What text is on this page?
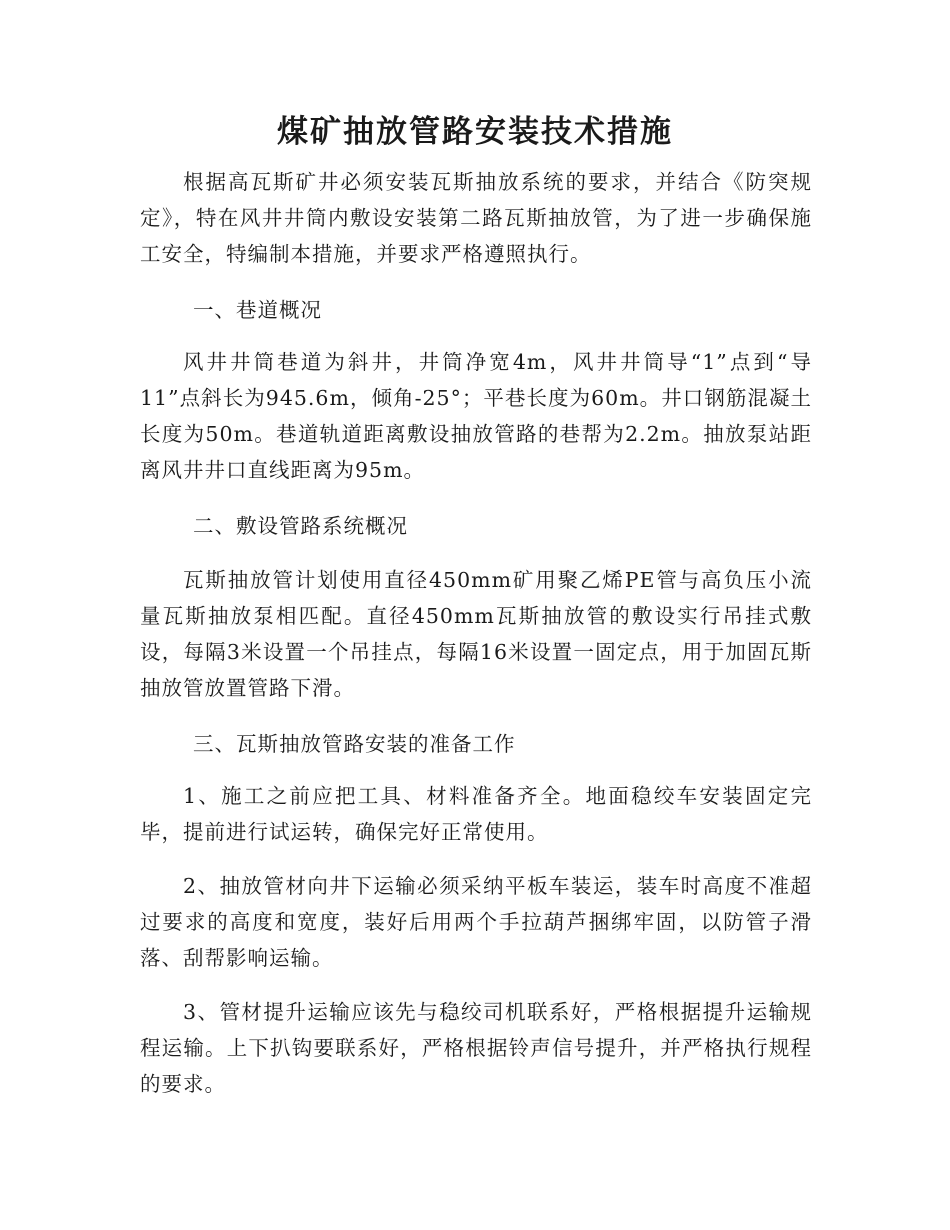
煤矿抽放管路安装技术措施

根据高瓦斯矿井必须安装瓦斯抽放系统的要求，并结合《防突规定》，特在风井井筒内敷设安装第二路瓦斯抽放管，为了进一步确保施工安全，特编制本措施，并要求严格遵照执行。

一、巷道概况

风井井筒巷道为斜井，井筒净宽4m，风井井筒导“1”点到“导11”点斜长为945.6m，倾角-25°；平巷长度为60m。井口钢筋混凝土长度为50m。巷道轨道距离敷设抽放管路的巷帮为2.2m。抽放泵站距离风井井口直线距离为95m。

二、敷设管路系统概况

瓦斯抽放管计划使用直径450mm矿用聚乙烯PE管与高负压小流量瓦斯抽放泵相匹配。直径450mm瓦斯抽放管的敷设实行吊挂式敷设，每隔3米设置一个吊挂点，每隔16米设置一固定点，用于加固瓦斯抽放管放置管路下滑。

三、瓦斯抽放管路安装的准备工作

1、施工之前应把工具、材料准备齐全。地面稳绞车安装固定完毕，提前进行试运转，确保完好正常使用。

2、抽放管材向井下运输必须采纳平板车装运，装车时高度不准超过要求的高度和宽度，装好后用两个手拉葫芦捆绑牢固，以防管子滑落、刮帮影响运输。

3、管材提升运输应该先与稳绞司机联系好，严格根据提升运输规程运输。上下扒钩要联系好，严格根据铃声信号提升，并严格执行规程的要求。
